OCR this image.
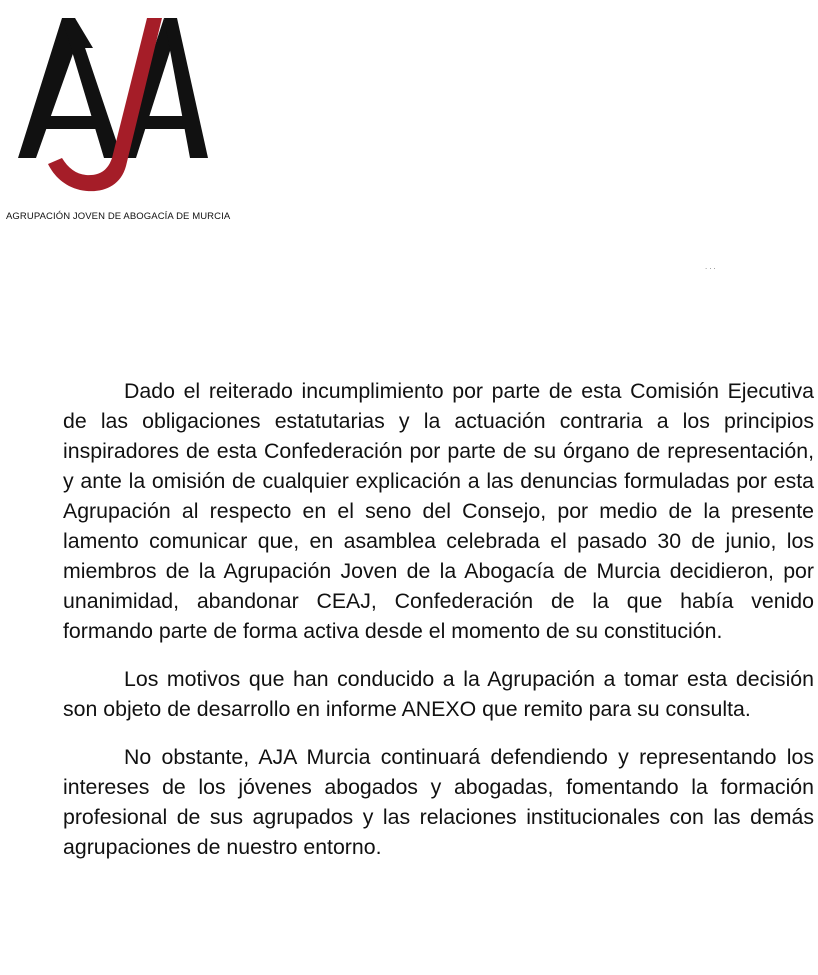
AGRUPACIÓN JOVEN DE ABOGACÍA DE MURCIA
...

Dado el reiterado incumplimiento por parte de esta Comisión Ejecutiva de las obligaciones estatutarias y la actuación contraria a los principios inspiradores de esta Confederación por parte de su órgano de representación, y ante la omisión de cualquier explicación a las denuncias formuladas por esta Agrupación al respecto en el seno del Consejo, por medio de la presente lamento comunicar que, en asamblea celebrada el pasado 30 de junio, los miembros de la Agrupación Joven de la Abogacía de Murcia decidieron, por unanimidad, abandonar CEAJ, Confederación de la que había venido formando parte de forma activa desde el momento de su constitución.

Los motivos que han conducido a la Agrupación a tomar esta decisión son objeto de desarrollo en informe ANEXO que remito para su consulta.

No obstante, AJA Murcia continuará defendiendo y representando los intereses de los jóvenes abogados y abogadas, fomentando la formación profesional de sus agrupados y las relaciones institucionales con las demás agrupaciones de nuestro entorno.
